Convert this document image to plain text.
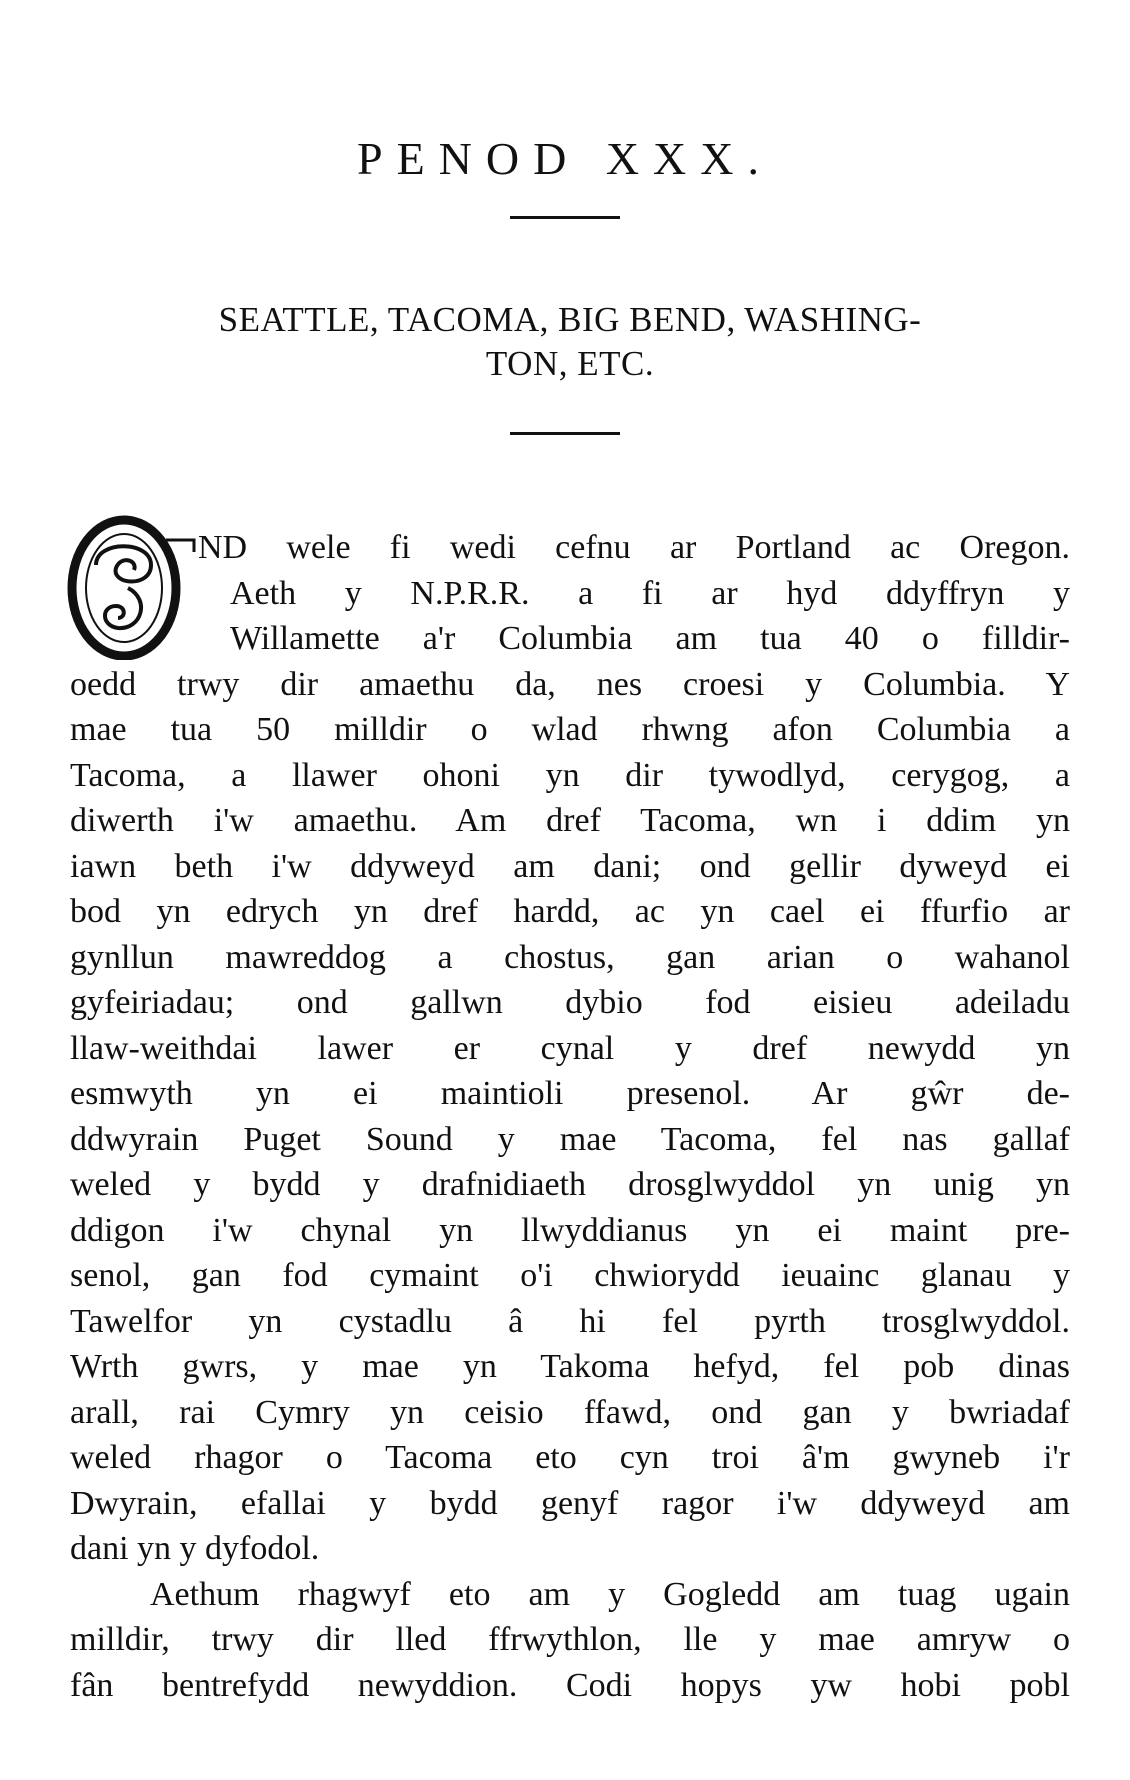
PENOD XXX.
SEATTLE, TACOMA, BIG BEND, WASHING-
TON, ETC.
O
ND wele fi wedi cefnu ar Portland ac Oregon.
Aeth y N.P.R.R. a fi ar hyd ddyffryn y
Willamette a'r Columbia am tua 40 o filldir-
oedd trwy dir amaethu da, nes croesi y Columbia. Y
mae tua 50 milldir o wlad rhwng afon Columbia a
Tacoma, a llawer ohoni yn dir tywodlyd, cerygog, a
diwerth i'w amaethu. Am dref Tacoma, wn i ddim yn
iawn beth i'w ddyweyd am dani; ond gellir dyweyd ei
bod yn edrych yn dref hardd, ac yn cael ei ffurfio ar
gynllun mawreddog a chostus, gan arian o wahanol
gyfeiriadau; ond gallwn dybio fod eisieu adeiladu
llaw-weithdai lawer er cynal y dref newydd yn
esmwyth yn ei maintioli presenol. Ar gŵr de-
ddwyrain Puget Sound y mae Tacoma, fel nas gallaf
weled y bydd y drafnidiaeth drosglwyddol yn unig yn
ddigon i'w chynal yn llwyddianus yn ei maint pre-
senol, gan fod cymaint o'i chwiorydd ieuainc glanau y
Tawelfor yn cystadlu â hi fel pyrth trosglwyddol.
Wrth gwrs, y mae yn Takoma hefyd, fel pob dinas
arall, rai Cymry yn ceisio ffawd, ond gan y bwriadaf
weled rhagor o Tacoma eto cyn troi â'm gwyneb i'r
Dwyrain, efallai y bydd genyf ragor i'w ddyweyd am
dani yn y dyfodol.
Aethum rhagwyf eto am y Gogledd am tuag ugain
milldir, trwy dir lled ffrwythlon, lle y mae amryw o
fân bentrefydd newyddion. Codi hopys yw hobi pobl
